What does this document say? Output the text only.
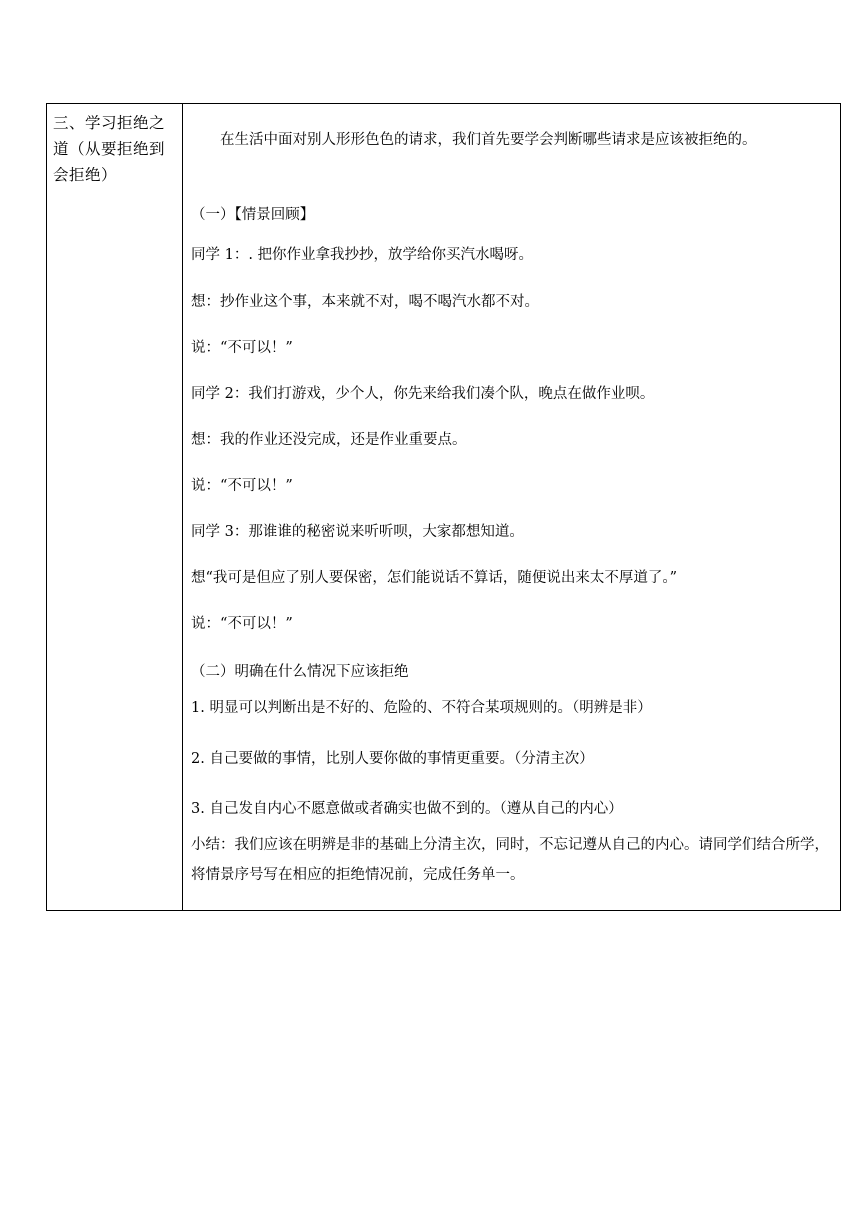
三、学习拒绝之道（从要拒绝到会拒绝）

在生活中面对别人形形色色的请求，我们首先要学会判断哪些请求是应该被拒绝的。
（一）【情景回顾】
同学 1：. 把你作业拿我抄抄，放学给你买汽水喝呀。
想：抄作业这个事，本来就不对，喝不喝汽水都不对。
说：“不可以！”
同学 2：我们打游戏，少个人，你先来给我们凑个队，晚点在做作业呗。
想：我的作业还没完成，还是作业重要点。
说：“不可以！”
同学 3：那谁谁的秘密说来听听呗，大家都想知道。
想“我可是但应了别人要保密，怎们能说话不算话，随便说出来太不厚道了。”
说：“不可以！”
（二）明确在什么情况下应该拒绝
1. 明显可以判断出是不好的、危险的、不符合某项规则的。（明辨是非）
2. 自己要做的事情，比别人要你做的事情更重要。（分清主次）
3. 自己发自内心不愿意做或者确实也做不到的。（遵从自己的内心）
小结：我们应该在明辨是非的基础上分清主次，同时，不忘记遵从自己的内心。请同学们结合所学，将情景序号写在相应的拒绝情况前，完成任务单一。
